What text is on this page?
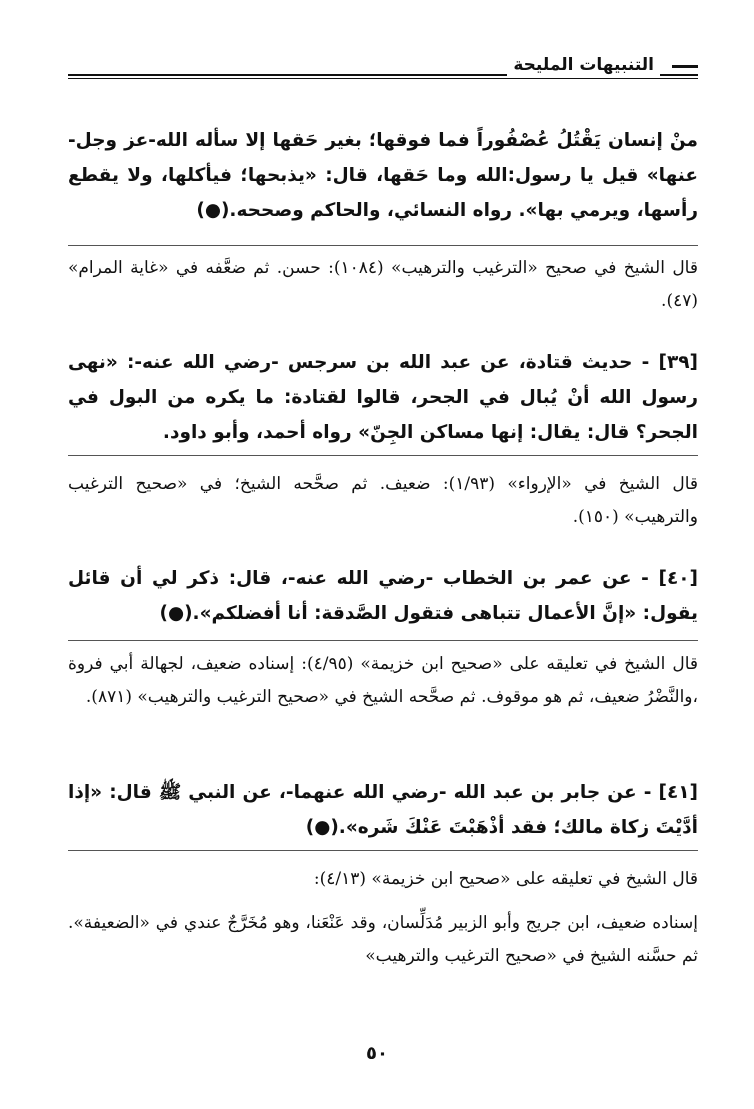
التنبيهات المليحة
منْ إنسان يَقْتُلُ عُصْفُوراً فما فوقها؛ بغير حَقها إلا سأله الله-عز وجل-عنها» قيل يا رسول:الله وما حَقها، قال: «يذبحها؛ فيأكلها، ولا يقطع رأسها، ويرمي بها». رواه النسائي، والحاكم وصححه.(●)
قال الشيخ في صحيح «الترغيب والترهيب» (١٠٨٤): حسن. ثم ضعَّفه في «غاية المرام» (٤٧).
[٣٩] - حديث قتادة، عن عبد الله بن سرجس -رضي الله عنه-: «نهى رسول الله أنْ يُبال في الجحر، قالوا لقتادة: ما يكره من البول في الجحر؟ قال: يقال: إنها مساكن الجِنّ» رواه أحمد، وأبو داود.
قال الشيخ في «الإرواء» (١/٩٣): ضعيف. ثم صحَّحه الشيخ؛ في «صحيح الترغيب والترهيب» (١٥٠).
[٤٠] - عن عمر بن الخطاب -رضي الله عنه-، قال: ذكر لي أن قائل يقول: «إنَّ الأعمال تتباهى فتقول الصَّدقة: أنا أفضلكم».(●)
قال الشيخ في تعليقه على «صحيح ابن خزيمة» (٤/٩٥): إسناده ضعيف، لجهالة أبي فروة ،والنَّضْرُ ضعيف، ثم هو موقوف. ثم صحَّحه الشيخ في «صحيح الترغيب والترهيب» (٨٧١).
[٤١] - عن جابر بن عبد الله -رضي الله عنهما-، عن النبي ﷺ قال: «إذا أدَّيْتَ زكاة مالك؛ فقد أذْهَبْتَ عَنْكَ شَره».(●)
قال الشيخ في تعليقه على «صحيح ابن خزيمة» (٤/١٣):
إسناده ضعيف، ابن جريج وأبو الزبير مُدَلِّسان، وقد عَنْعَنا، وهو مُخَرَّجٌ عندي في «الضعيفة». ثم حسَّنه الشيخ في «صحيح الترغيب والترهيب»
٥٠
